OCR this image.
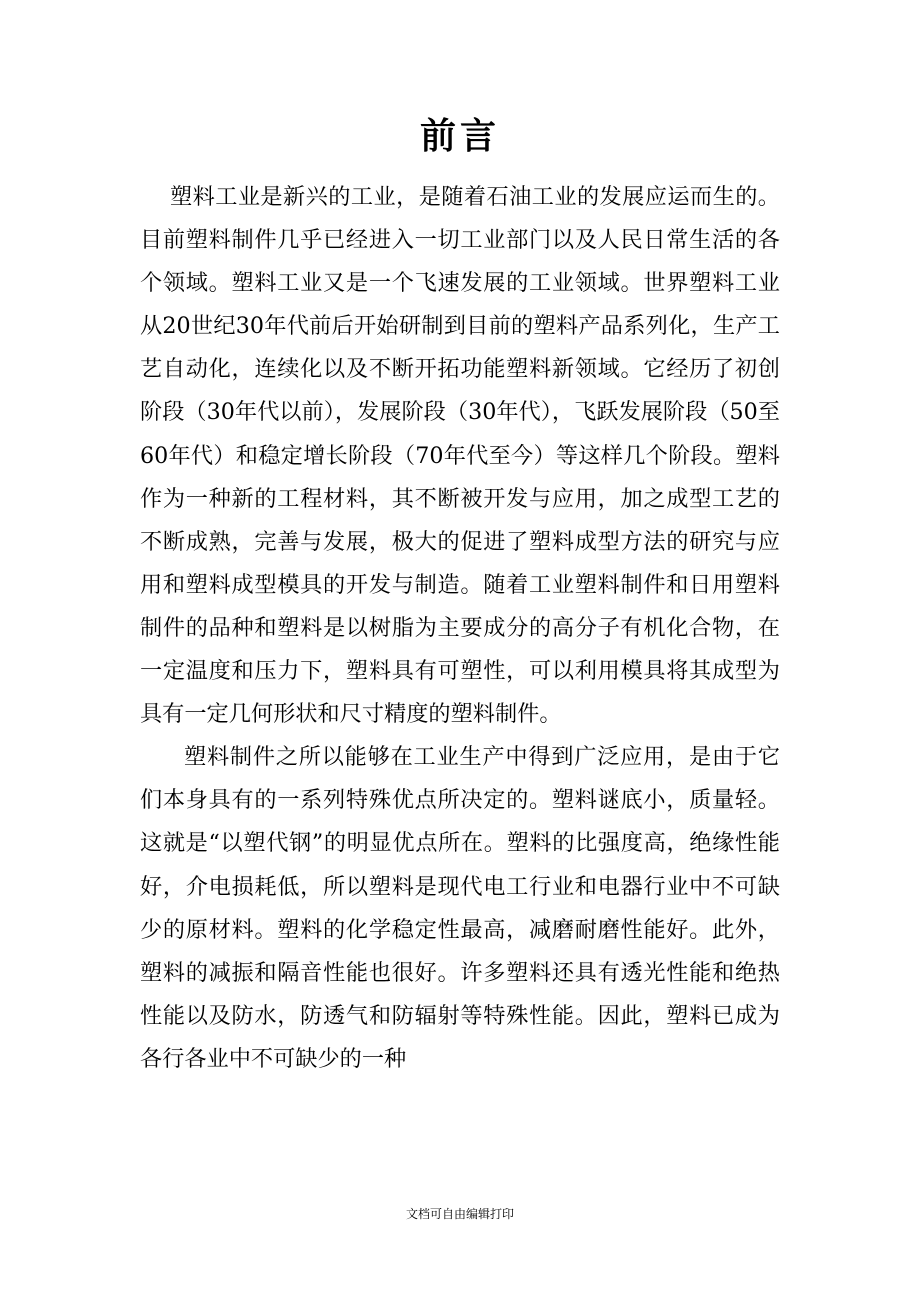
前言

塑料工业是新兴的工业，是随着石油工业的发展应运而生的。目前塑料制件几乎已经进入一切工业部门以及人民日常生活的各个领域。塑料工业又是一个飞速发展的工业领域。世界塑料工业从20世纪30年代前后开始研制到目前的塑料产品系列化，生产工艺自动化，连续化以及不断开拓功能塑料新领域。它经历了初创阶段（30年代以前），发展阶段（30年代），飞跃发展阶段（50至60年代）和稳定增长阶段（70年代至今）等这样几个阶段。塑料作为一种新的工程材料，其不断被开发与应用，加之成型工艺的不断成熟，完善与发展，极大的促进了塑料成型方法的研究与应用和塑料成型模具的开发与制造。随着工业塑料制件和日用塑料制件的品种和塑料是以树脂为主要成分的高分子有机化合物，在一定温度和压力下，塑料具有可塑性，可以利用模具将其成型为具有一定几何形状和尺寸精度的塑料制件。

塑料制件之所以能够在工业生产中得到广泛应用，是由于它们本身具有的一系列特殊优点所决定的。塑料谜底小，质量轻。这就是“以塑代钢”的明显优点所在。塑料的比强度高，绝缘性能好，介电损耗低，所以塑料是现代电工行业和电器行业中不可缺少的原材料。塑料的化学稳定性最高，减磨耐磨性能好。此外，塑料的减振和隔音性能也很好。许多塑料还具有透光性能和绝热性能以及防水，防透气和防辐射等特殊性能。因此，塑料已成为各行各业中不可缺少的一种

文档可自由编辑打印
